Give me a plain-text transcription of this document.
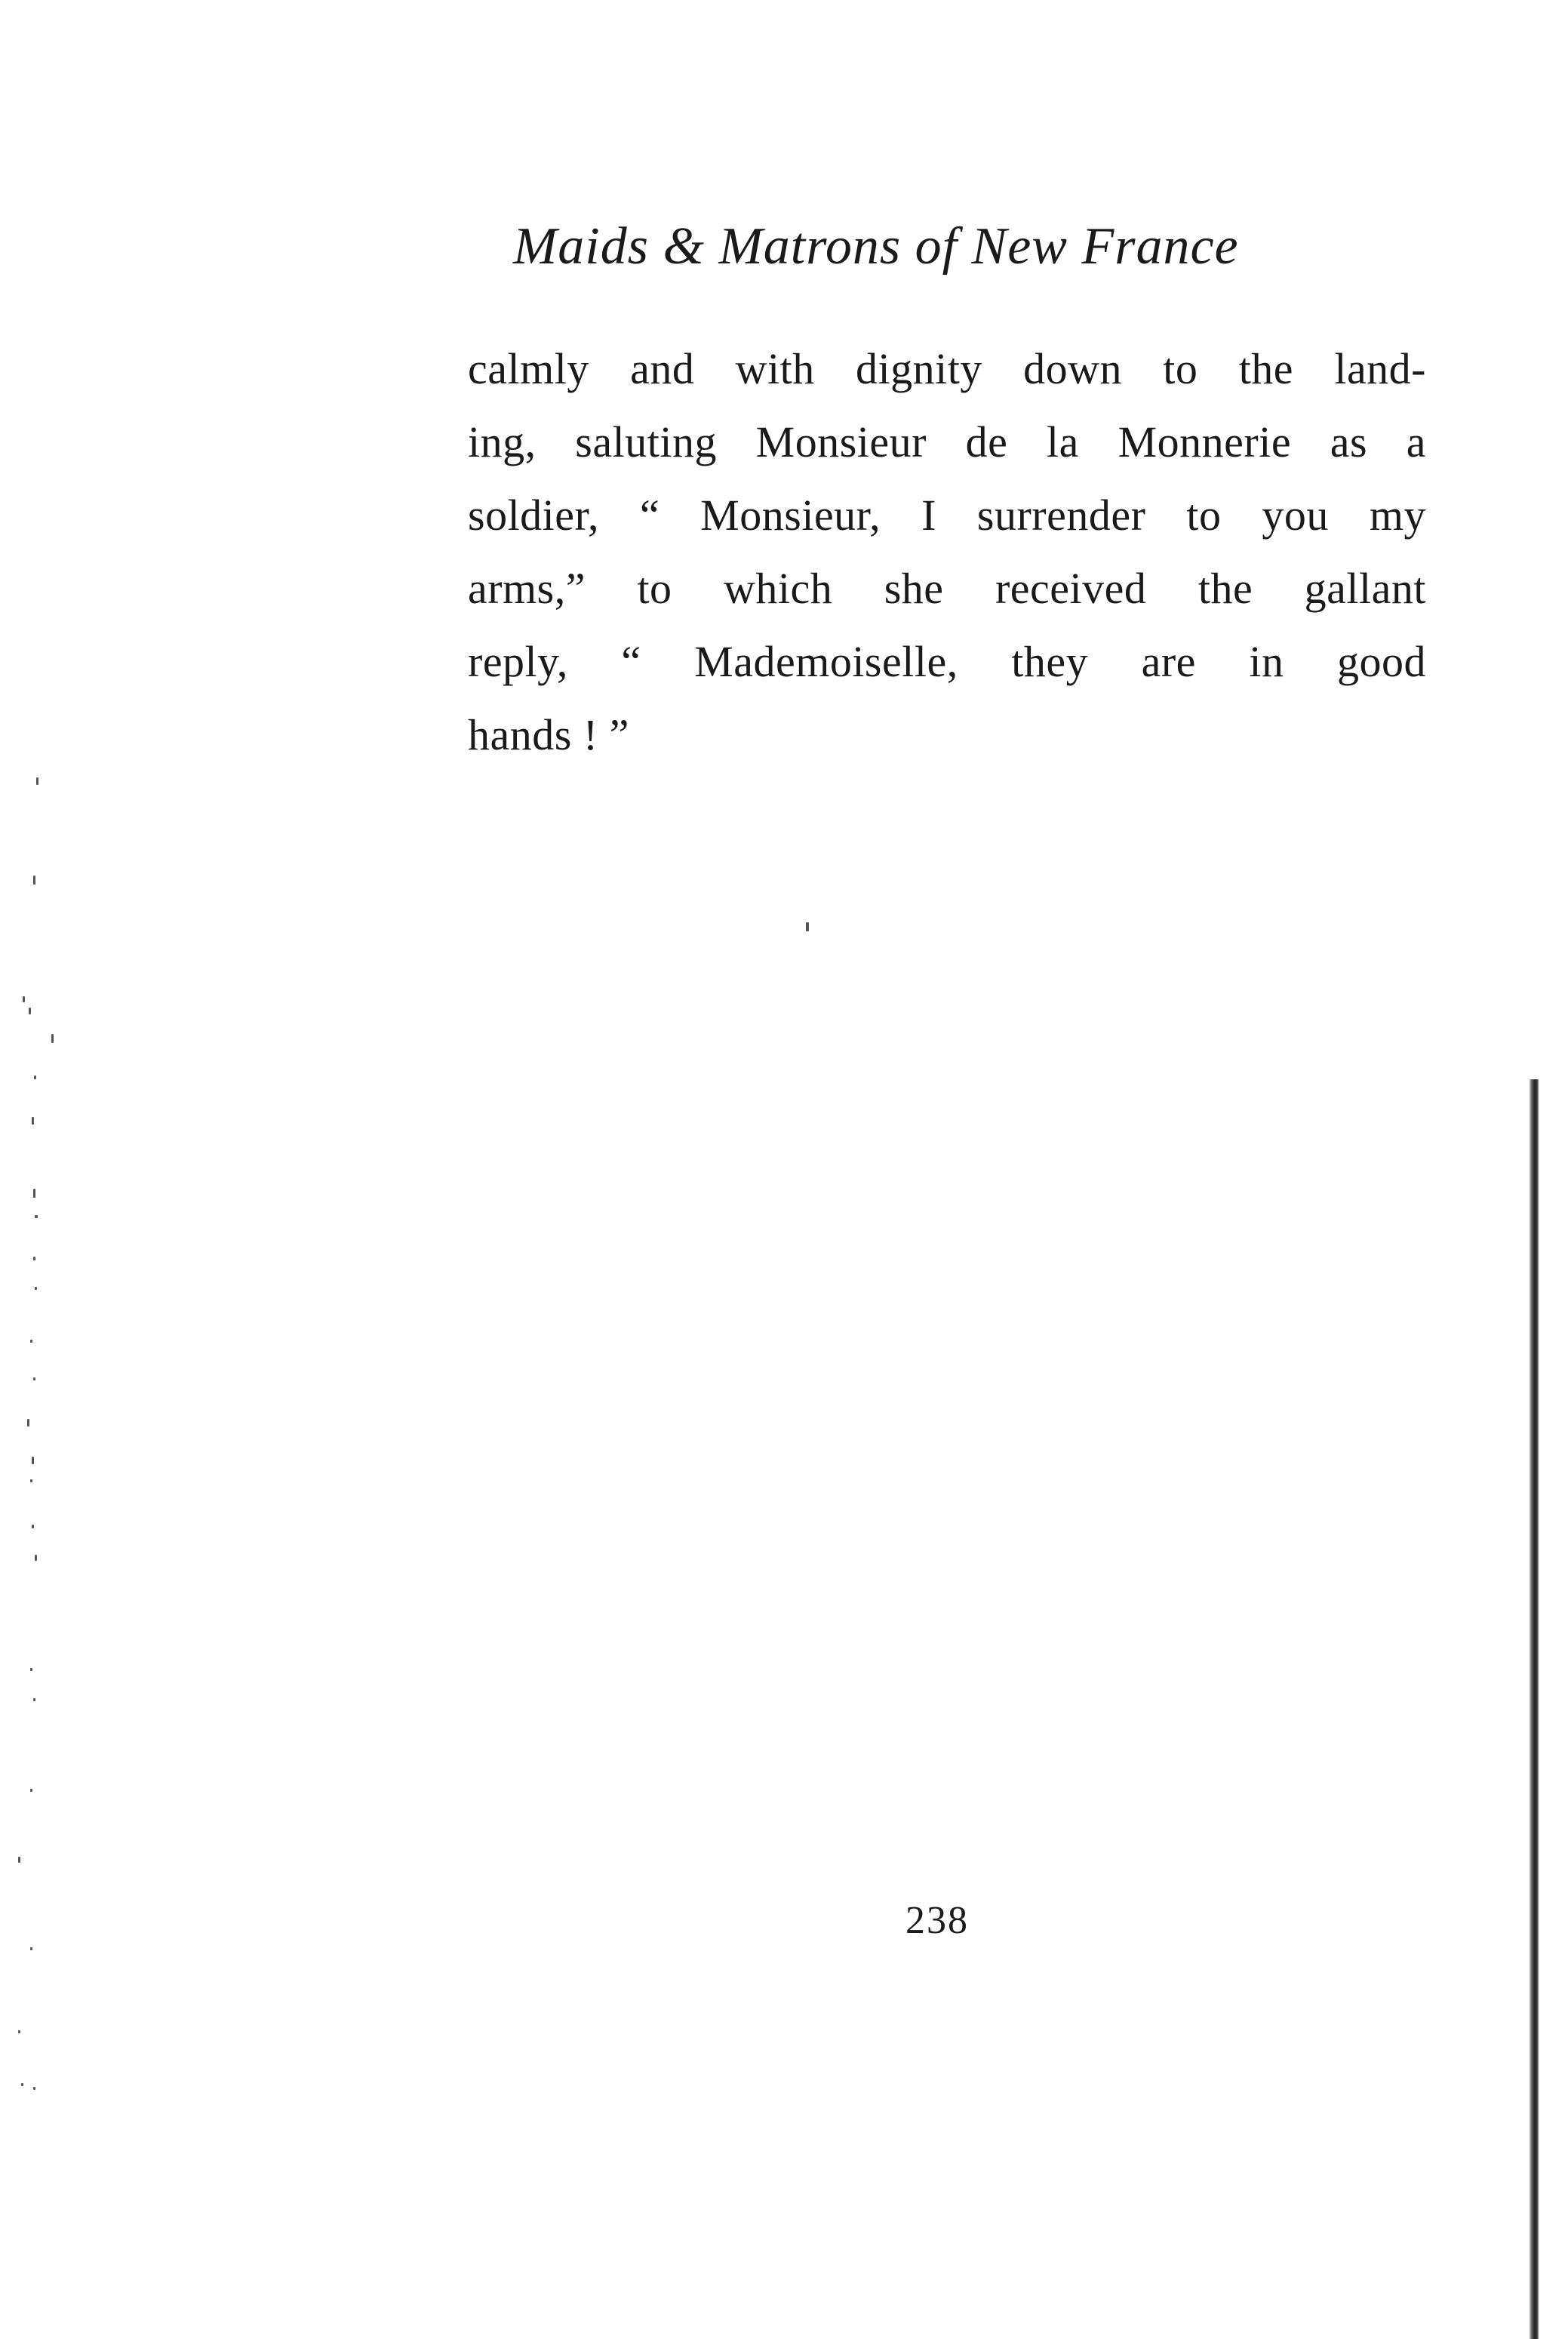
Maids & Matrons of New France
calmly and with dignity down to the land-
ing, saluting Monsieur de la Monnerie as a
soldier, “ Monsieur, I surrender to you my
arms,” to which she received the gallant
reply, “ Mademoiselle, they are in good
hands ! ”
238
